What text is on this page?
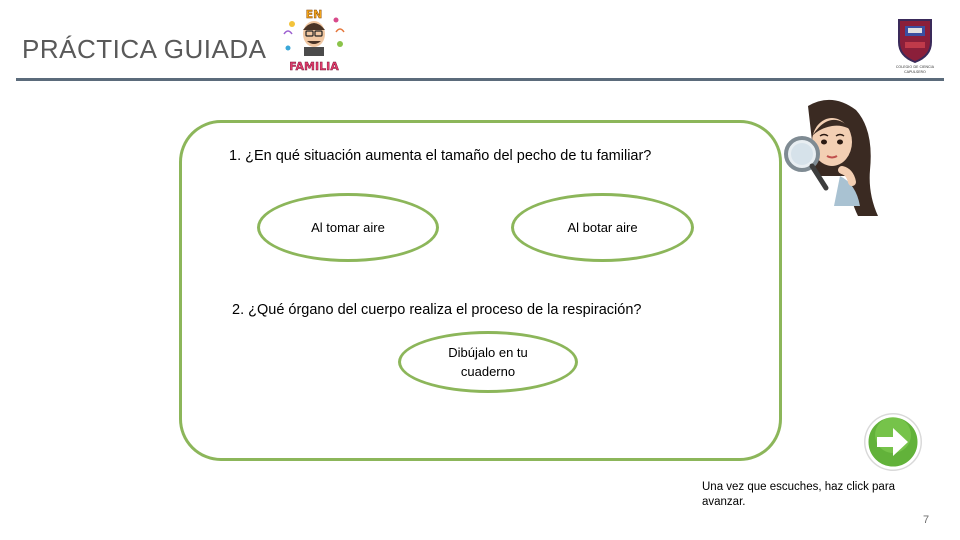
PRÁCTICA GUIADA
EN
FAMILIA	COLEGIO DE CIENCIA
CAPULSERO
1. ¿En qué situación aumenta el tamaño del pecho de tu familiar?
Al tomar aire	Al botar aire
2. ¿Qué órgano del cuerpo realiza el proceso de la respiración?
Dibújalo en tu
cuaderno
Una vez que escuches, haz click para avanzar.
7
